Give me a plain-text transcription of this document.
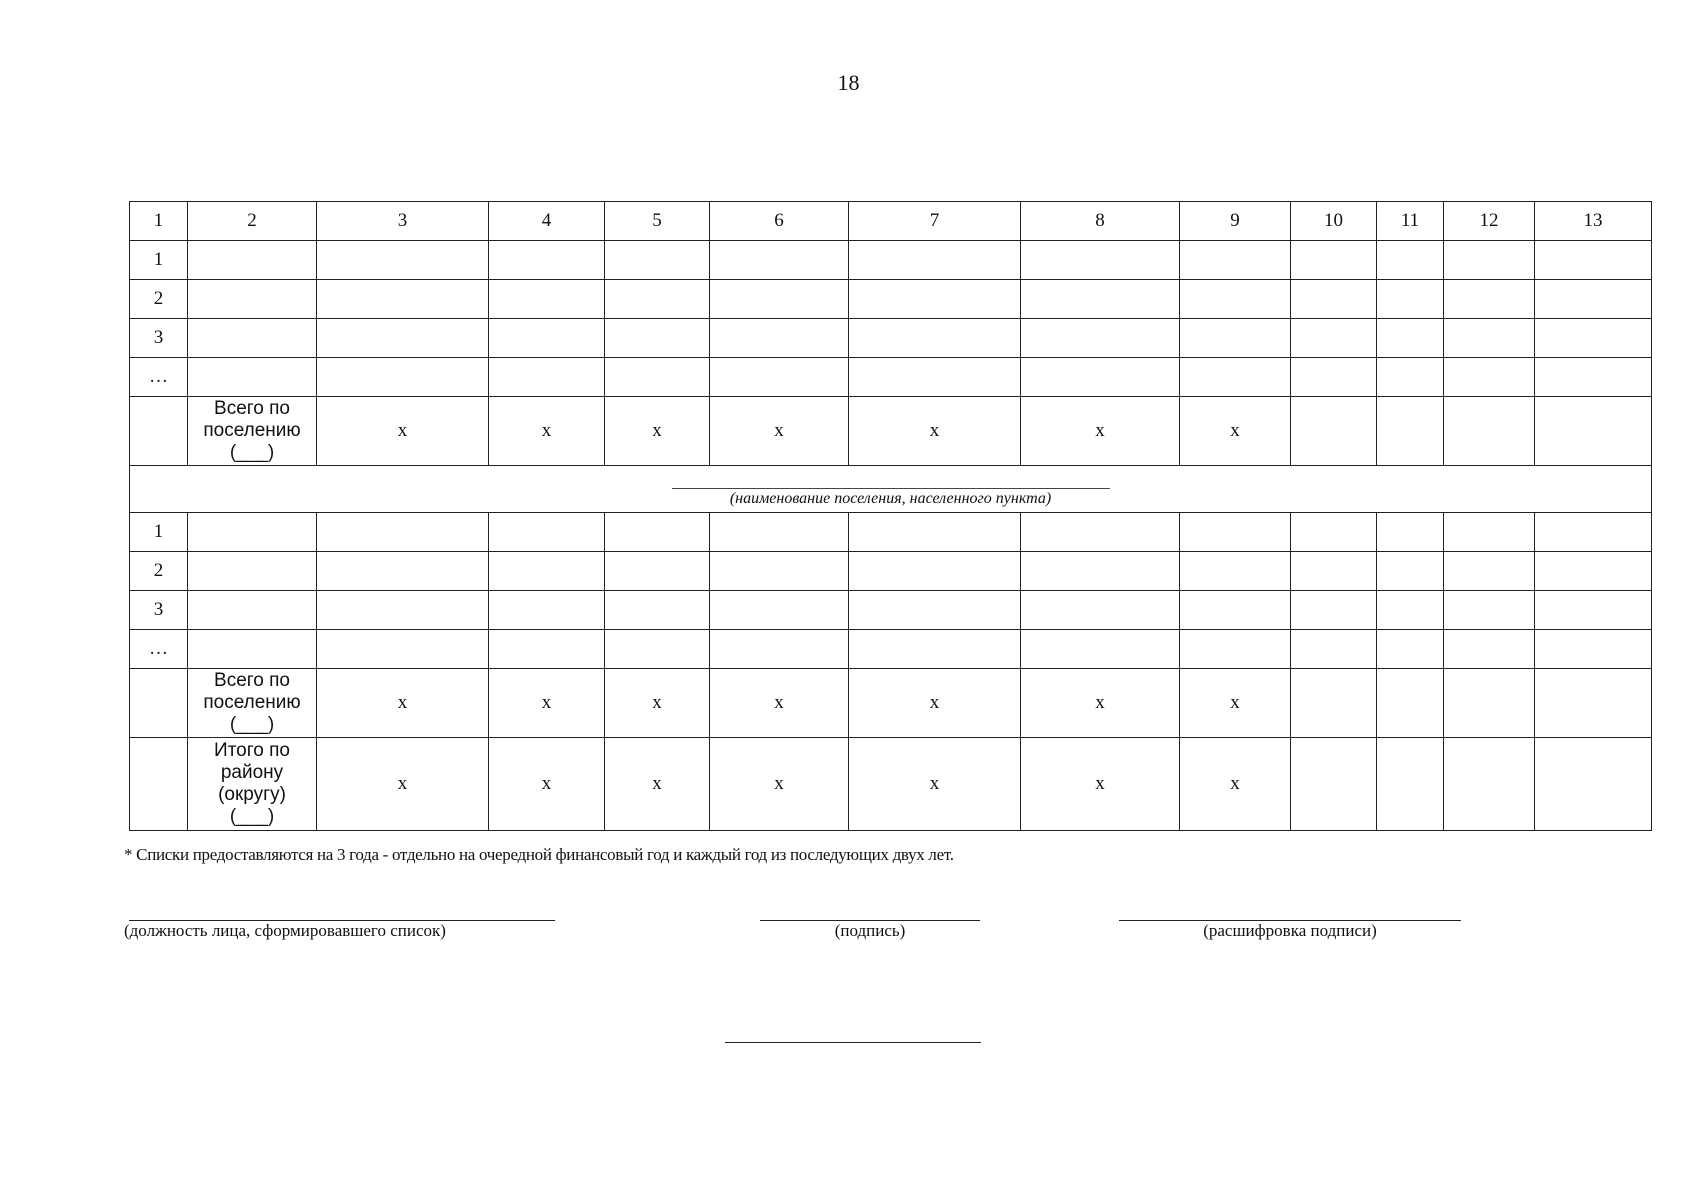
18
1	2	3	4	5	6	7	8	9	10	11	12	13
1												
2												
3												
…												

	Всего по
поселению
(___)	x	x	x	x	x	x	x				

(наименование поселения, населенного пункта)												

1												
2												
3												
…												

	Всего по
поселению
(___)	x	x	x	x	x	x	x				

	Итого по
району
(округу)
(___)	x	x	x	x	x	x	x				
* Списки предоставляются на 3 года - отдельно на очередной финансовый год и каждый год из последующих двух лет.
(должность лица, сформировавшего список)	(подпись)	(расшифровка подписи)
